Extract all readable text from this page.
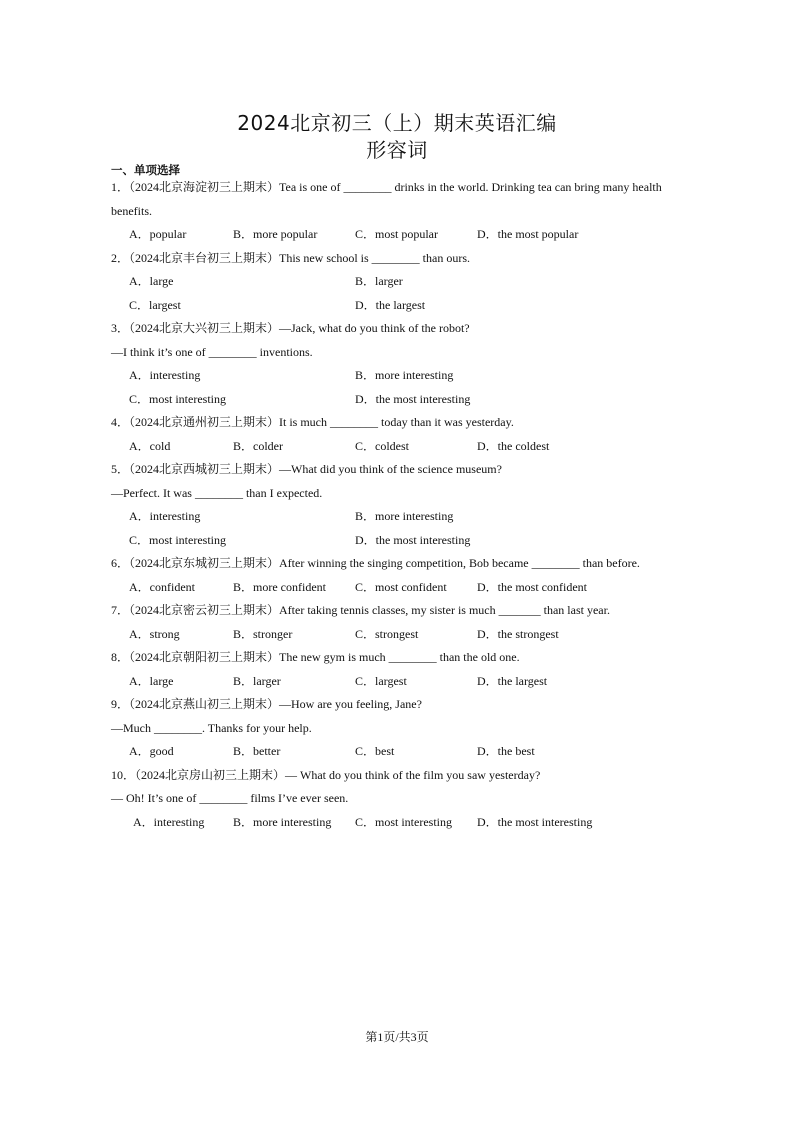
2024北京初三（上）期末英语汇编
形容词
一、单项选择
1．（2024北京海淀初三上期末）Tea is one of ________ drinks in the world. Drinking tea can bring many health
benefits.
A．popular	B．more popular	C．most popular	D．the most popular
2．（2024北京丰台初三上期末）This new school is ________ than ours.
A．large	B．larger
C．largest	D．the largest
3．（2024北京大兴初三上期末）—Jack, what do you think of the robot?
—I think it’s one of ________ inventions.
A．interesting	B．more interesting
C．most interesting	D．the most interesting
4．（2024北京通州初三上期末）It is much ________ today than it was yesterday.
A．cold	B．colder	C．coldest	D．the coldest
5．（2024北京西城初三上期末）—What did you think of the science museum?
—Perfect. It was ________ than I expected.
A．interesting	B．more interesting
C．most interesting	D．the most interesting
6．（2024北京东城初三上期末）After winning the singing competition, Bob became ________ than before.
A．confident	B．more confident C．most confident	D．the most confident
7．（2024北京密云初三上期末）After taking tennis classes, my sister is much _______ than last year.
A．strong	B．stronger	C．strongest	D．the strongest
8．（2024北京朝阳初三上期末）The new gym is much ________ than the old one.
A．large	B．larger	C．largest	D．the largest
9．（2024北京燕山初三上期末）—How are you feeling, Jane?
—Much ________. Thanks for your help.
A．good	B．better	C．best	D．the best
10．（2024北京房山初三上期末）— What do you think of the film you saw yesterday?
— Oh! It’s one of ________ films I’ve ever seen.
A．interesting B．more interesting C．most interesting D．the most interesting
第1页/共3页
